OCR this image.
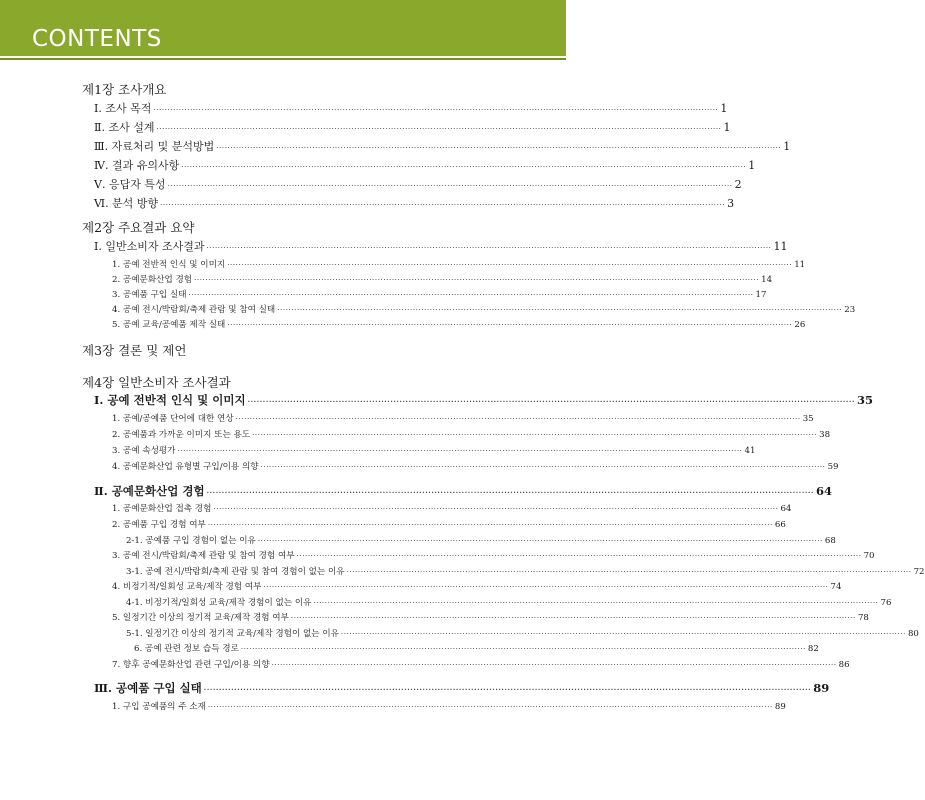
CONTENTS
제1장 조사개요
제2장 주요결과 요약
제3장 결론 및 제언
제4장 일반소비자 조사결과
Ⅰ. 조사 목적 ········································································································································································································ 1
Ⅱ. 조사 설계 ········································································································································································································ 1
Ⅲ. 자료처리 및 분석방법 ········································································································································································································ 1
Ⅳ. 결과 유의사항 ········································································································································································································ 1
Ⅴ. 응답자 특성 ········································································································································································································ 2
Ⅵ. 분석 방향 ········································································································································································································ 3
Ⅰ. 일반소비자 조사결과 ········································································································································································································ 11
1. 공예 전반적 인식 및 이미지 ········································································································································································································ 11
2. 공예문화산업 경험 ········································································································································································································ 14
3. 공예품 구입 실태 ········································································································································································································ 17
4. 공예 전시/박람회/축제 관람 및 참여 실태 ········································································································································································································ 23
5. 공예 교육/공예품 제작 실태 ········································································································································································································ 26
Ⅰ. 공예 전반적 인식 및 이미지 ········································································································································································································ 35
1. 공예/공예품 단어에 대한 연상 ········································································································································································································ 35
2. 공예품과 가까운 이미지 또는 용도 ········································································································································································································ 38
3. 공예 속성평가 ········································································································································································································ 41
4. 공예문화산업 유형별 구입/이용 의향 ········································································································································································································ 59
Ⅱ. 공예문화산업 경험 ········································································································································································································ 64
1. 공예문화산업 접촉 경험 ········································································································································································································ 64
2. 공예품 구입 경험 여부 ········································································································································································································ 66
2-1. 공예품 구입 경험이 없는 이유 ········································································································································································································ 68
3. 공예 전시/박람회/축제 관람 및 참여 경험 여부 ········································································································································································································ 70
3-1. 공예 전시/박람회/축제 관람 및 참여 경험이 없는 이유 ········································································································································································································ 72
4. 비정기적/일회성 교육/제작 경험 여부 ········································································································································································································ 74
4-1. 비정기적/일회성 교육/제작 경험이 없는 이유 ········································································································································································································ 76
5. 일정기간 이상의 정기적 교육/제작 경험 여부 ········································································································································································································ 78
5-1. 일정기간 이상의 정기적 교육/제작 경험이 없는 이유 ········································································································································································································ 80
6. 공예 관련 정보 습득 경로 ········································································································································································································ 82
7. 향후 공예문화산업 관련 구입/이용 의향 ········································································································································································································ 86
Ⅲ. 공예품 구입 실태 ········································································································································································································ 89
1. 구입 공예품의 주 소재 ········································································································································································································ 89
